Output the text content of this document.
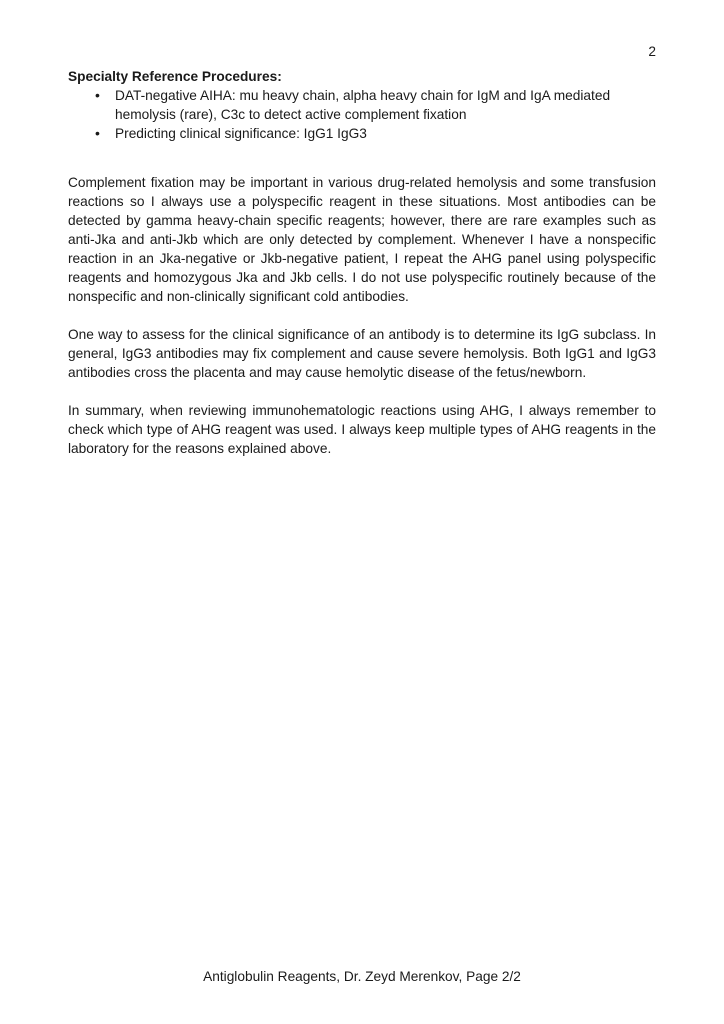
2

Specialty Reference Procedures:

• DAT-negative AIHA: mu heavy chain, alpha heavy chain for IgM and IgA mediated hemolysis (rare), C3c to detect active complement fixation
• Predicting clinical significance: IgG1 IgG3

Complement fixation may be important in various drug-related hemolysis and some transfusion reactions so I always use a polyspecific reagent in these situations. Most antibodies can be detected by gamma heavy-chain specific reagents; however, there are rare examples such as anti-Jka and anti-Jkb which are only detected by complement. Whenever I have a nonspecific reaction in an Jka-negative or Jkb-negative patient, I repeat the AHG panel using polyspecific reagents and homozygous Jka and Jkb cells. I do not use polyspecific routinely because of the nonspecific and non-clinically significant cold antibodies.

One way to assess for the clinical significance of an antibody is to determine its IgG subclass. In general, IgG3 antibodies may fix complement and cause severe hemolysis. Both IgG1 and IgG3 antibodies cross the placenta and may cause hemolytic disease of the fetus/newborn.

In summary, when reviewing immunohematologic reactions using AHG, I always remember to check which type of AHG reagent was used. I always keep multiple types of AHG reagents in the laboratory for the reasons explained above.

Antiglobulin Reagents, Dr. Zeyd Merenkov, Page 2/2
